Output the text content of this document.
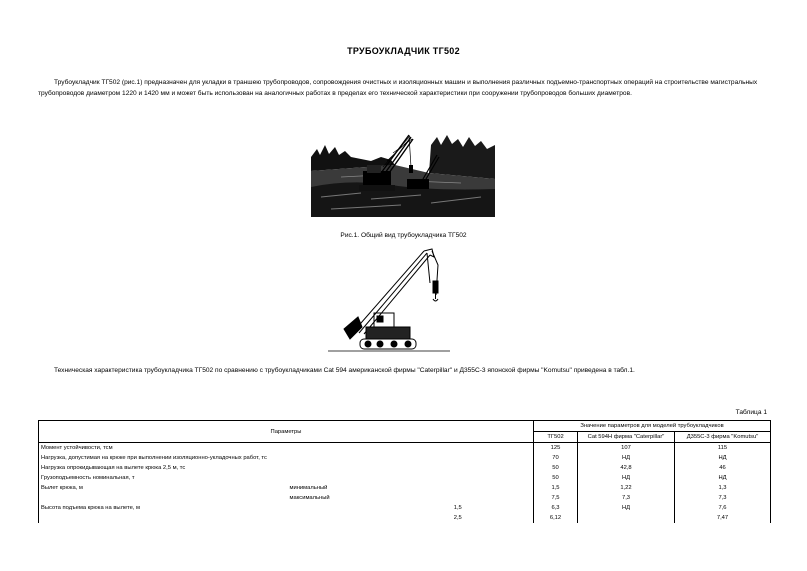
ТРУБОУКЛАДЧИК ТГ502

Трубоукладчик ТГ502 (рис.1) предназначен для укладки в траншею трубопроводов, сопровождения очистных и изоляционных машин и выполнения различных подъемно-транспортных операций на строительстве магистральных трубопроводов диаметром 1220 и 1420 мм и может быть использован на аналогичных работах в пределах его технической характеристики при сооружении трубопроводов больших диаметров.

Рис.1. Общий вид трубоукладчика ТГ502

Техническая характеристика трубоукладчика ТГ502 по сравнению с трубоукладчиками Cat 594 американской фирмы "Caterpillar" и Д355С-3 японской фирмы "Komutsu" приведена в табл.1.

Таблица 1
Параметры			Значение параметров для моделей трубоукладчиков		
			ТГ502	Cat 594H фирма "Caterpillar"	Д355С-3 фирма "Komutsu"
Момент устойчивости, тсм			125	107	115
Нагрузка, допустимая на крюке при выполнении изоляционно-укладочных работ, тс			70	НД	НД
Нагрузка опрокидывающая на вылете крюка 2,5 м, тс			50	42,8	46
Грузоподъемность номинальная, т			50	НД	НД
Вылет крюка, м	минимальный		1,5	1,22	1,3
	максимальный		7,5	7,3	7,3
Высота подъема крюка на вылете, м		1,5	6,3	НД	7,6
		2,5	6,12		7,47
